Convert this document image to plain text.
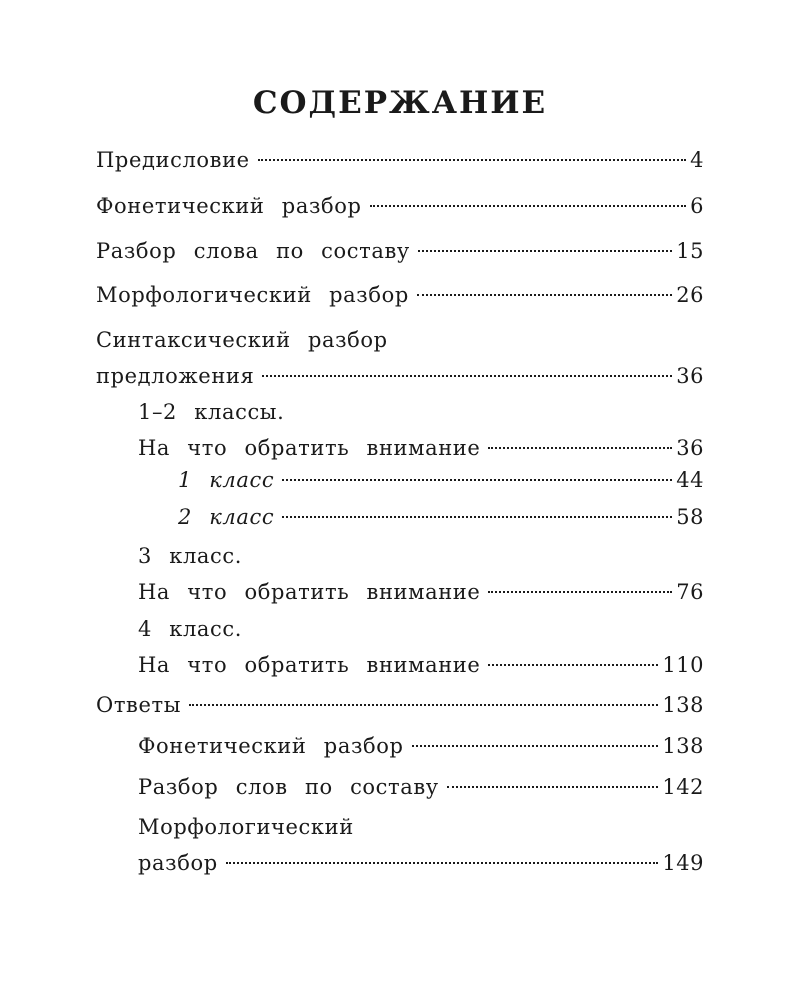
СОДЕРЖАНИЕ
Предисловие	4
Фонетический разбор	6
Разбор слова по составу	15
Морфологический разбор	26
Синтаксический разбор
предложения	36
1–2 классы.
На что обратить внимание	36
1 класс	44
2 класс	58
3 класс.
На что обратить внимание	76
4 класс.
На что обратить внимание	110
Ответы	138
Фонетический разбор	138
Разбор слов по составу	142
Морфологический
разбор	149
